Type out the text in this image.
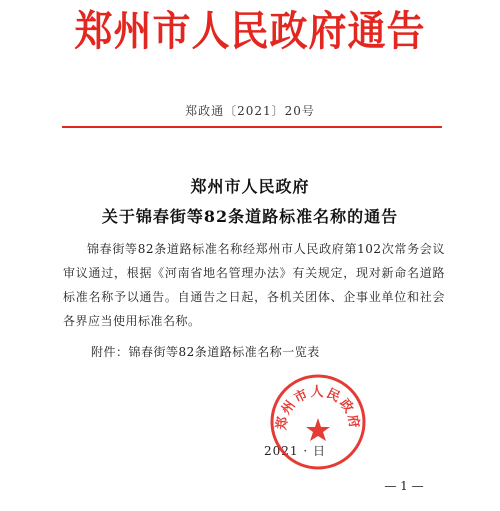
郑州市人民政府通告
郑政通〔2021〕20号
郑州市人民政府
关于锦春街等82条道路标准名称的通告

锦春街等82条道路标准名称经郑州市人民政府第102次常务会议审议通过，根据《河南省地名管理办法》有关规定，现对新命名道路标准名称予以通告。自通告之日起，各机关团体、企事业单位和社会各界应当使用标准名称。

附件：锦春街等82条道路标准名称一览表
2021 · 日
郑州市人民政府
— 1 —
